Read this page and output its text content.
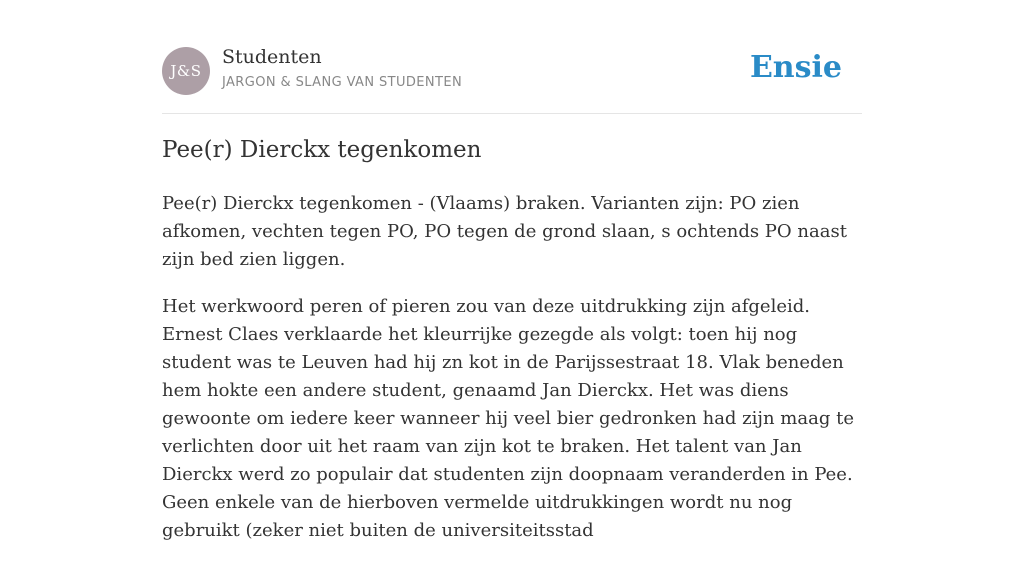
J&S
Studenten
JARGON & SLANG VAN STUDENTEN	Ensie
Pee(r) Dierckx tegenkomen

Pee(r) Dierckx tegenkomen - (Vlaams) braken. Varianten zijn: PO zien afkomen, vechten tegen PO, PO tegen de grond slaan, s ochtends PO naast zijn bed zien liggen.

Het werkwoord peren of pieren zou van deze uitdrukking zijn afgeleid. Ernest Claes verklaarde het kleurrijke gezegde als volgt: toen hij nog student was te Leuven had hij zn kot in de Parijssestraat 18. Vlak beneden hem hokte een andere student, genaamd Jan Dierckx. Het was diens gewoonte om iedere keer wanneer hij veel bier gedronken had zijn maag te verlichten door uit het raam van zijn kot te braken. Het talent van Jan Dierckx werd zo populair dat studenten zijn doopnaam veranderden in Pee. Geen enkele van de hierboven vermelde uitdrukkingen wordt nu nog gebruikt (zeker niet buiten de universiteitsstad
